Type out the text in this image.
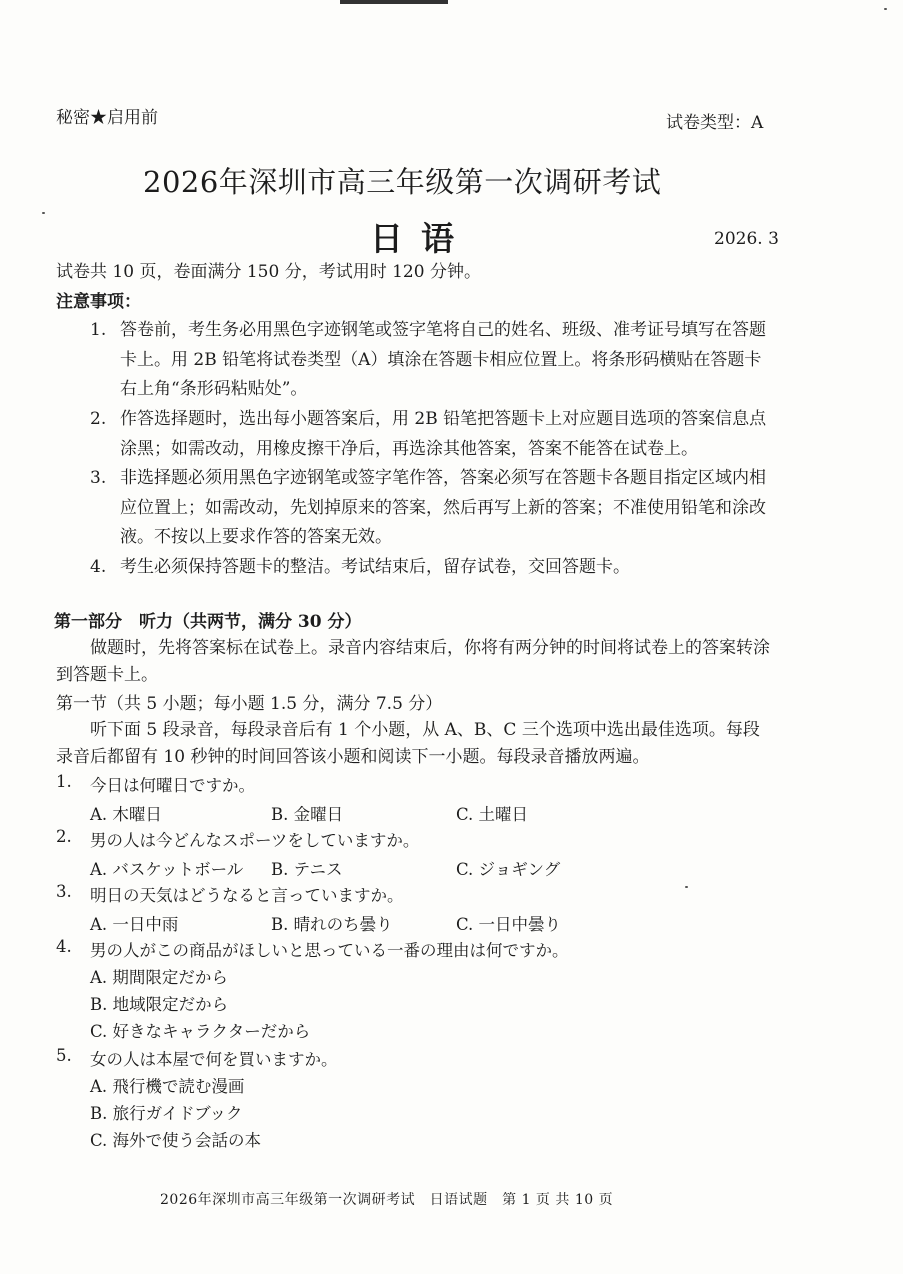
秘密★启用前	试卷类型：A
2026年深圳市高三年级第一次调研考试
日语	2026. 3
试卷共 10 页，卷面满分 150 分，考试用时 120 分钟。
注意事项：
1. 答卷前，考生务必用黑色字迹钢笔或签字笔将自己的姓名、班级、准考证号填写在答题卡上。用 2B 铅笔将试卷类型（A）填涂在答题卡相应位置上。将条形码横贴在答题卡右上角“条形码粘贴处”。
2. 作答选择题时，选出每小题答案后，用 2B 铅笔把答题卡上对应题目选项的答案信息点涂黑；如需改动，用橡皮擦干净后，再选涂其他答案，答案不能答在试卷上。
3. 非选择题必须用黑色字迹钢笔或签字笔作答，答案必须写在答题卡各题目指定区域内相应位置上；如需改动，先划掉原来的答案，然后再写上新的答案；不准使用铅笔和涂改液。不按以上要求作答的答案无效。
4. 考生必须保持答题卡的整洁。考试结束后，留存试卷，交回答题卡。
第一部分　听力（共两节，满分 30 分）
做题时，先将答案标在试卷上。录音内容结束后，你将有两分钟的时间将试卷上的答案转涂到答题卡上。
第一节（共 5 小题；每小题 1.5 分，满分 7.5 分）
听下面 5 段录音，每段录音后有 1 个小题，从 A、B、C 三个选项中选出最佳选项。每段录音后都留有 10 秒钟的时间回答该小题和阅读下一小题。每段录音播放两遍。
1. 今日は何曜日ですか。
A. 木曜日	B. 金曜日	C. 土曜日
2. 男の人は今どんなスポーツをしていますか。
A. バスケットボール B. テニス	C. ジョギング
3. 明日の天気はどうなると言っていますか。
A. 一日中雨	B. 晴れのち曇り	C. 一日中曇り
4. 男の人がこの商品がほしいと思っている一番の理由は何ですか。
A. 期間限定だから
B. 地域限定だから
C. 好きなキャラクターだから
5. 女の人は本屋で何を買いますか。
A. 飛行機で読む漫画
B. 旅行ガイドブック
C. 海外で使う会話の本
2026年深圳市高三年级第一次调研考试　日语试题　第 1 页 共 10 页
